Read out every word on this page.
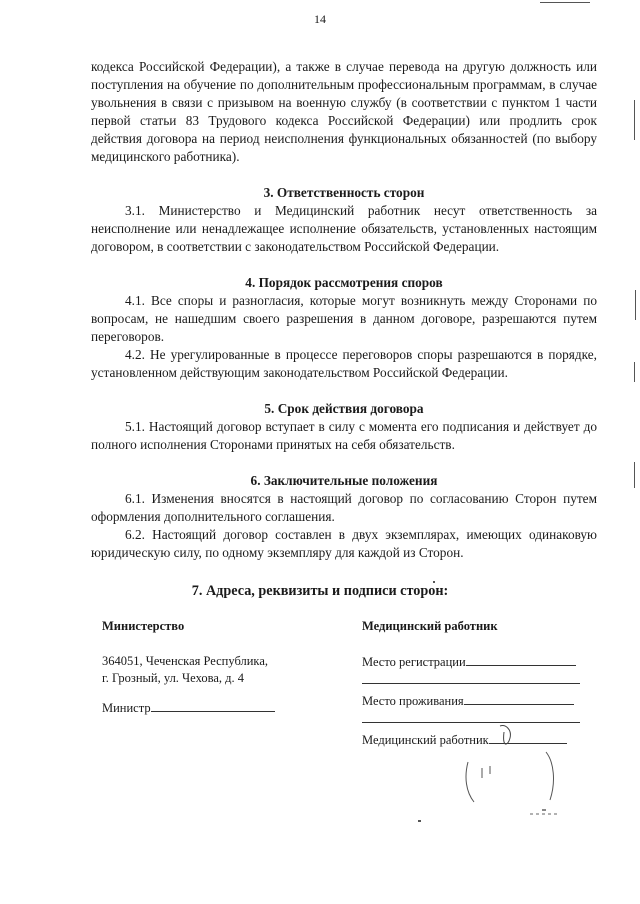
14

кодекса Российской Федерации), а также в случае перевода на другую должность или поступления на обучение по дополнительным профессиональным программам, в случае увольнения в связи с призывом на военную службу (в соответствии с пунктом 1 части первой статьи 83 Трудового кодекса Российской Федерации) или продлить срок действия договора на период неисполнения функциональных обязанностей (по выбору медицинского работника).

3. Ответственность сторон

3.1. Министерство и Медицинский работник несут ответственность за неисполнение или ненадлежащее исполнение обязательств, установленных настоящим договором, в соответствии с законодательством Российской Федерации.

4. Порядок рассмотрения споров

4.1. Все споры и разногласия, которые могут возникнуть между Сторонами по вопросам, не нашедшим своего разрешения в данном договоре, разрешаются путем переговоров.

4.2. Не урегулированные в процессе переговоров споры разрешаются в порядке, установленном действующим законодательством Российской Федерации.

5. Срок действия договора

5.1. Настоящий договор вступает в силу с момента его подписания и действует до полного исполнения Сторонами принятых на себя обязательств.

6. Заключительные положения

6.1. Изменения вносятся в настоящий договор по согласованию Сторон путем оформления дополнительного соглашения.

6.2. Настоящий договор составлен в двух экземплярах, имеющих одинаковую юридическую силу, по одному экземпляру для каждой из Сторон.

7. Адреса, реквизиты и подписи сторон:
Министерство
364051, Чеченская Республика,
г. Грозный, ул. Чехова, д. 4
Министр
Медицинский работник
Место регистрации
Место проживания
Медицинский работник
